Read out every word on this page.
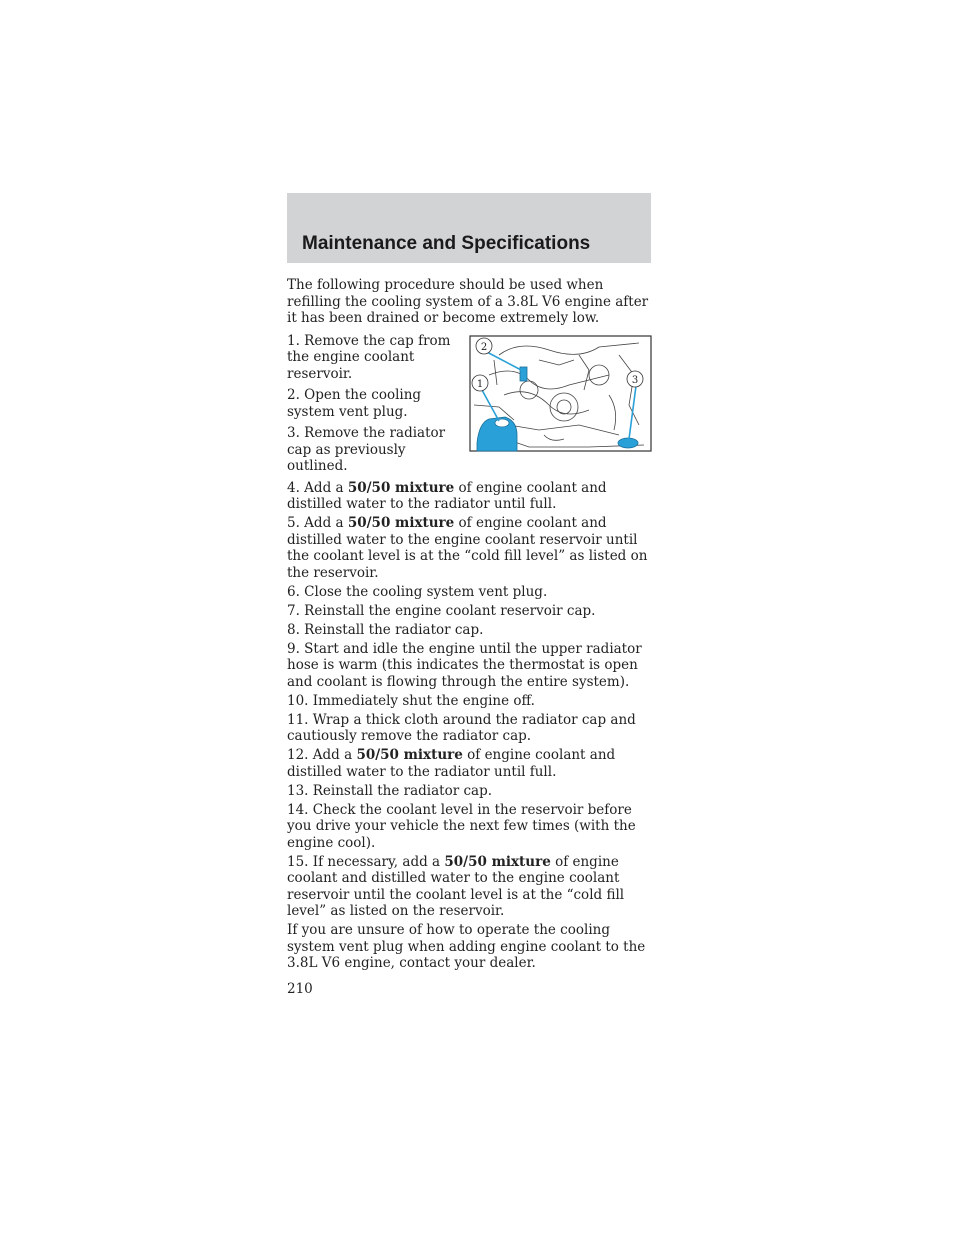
Maintenance and Specifications

The following procedure should be used when refilling the cooling system of a 3.8L V6 engine after it has been drained or become extremely low.

1. Remove the cap from the engine coolant reservoir.

2. Open the cooling system vent plug.

3. Remove the radiator cap as previously outlined.

4. Add a 50/50 mixture of engine coolant and distilled water to the radiator until full.

5. Add a 50/50 mixture of engine coolant and distilled water to the engine coolant reservoir until the coolant level is at the “cold fill level” as listed on the reservoir.

6. Close the cooling system vent plug.

7. Reinstall the engine coolant reservoir cap.

8. Reinstall the radiator cap.

9. Start and idle the engine until the upper radiator hose is warm (this indicates the thermostat is open and coolant is flowing through the entire system).

10. Immediately shut the engine off.

11. Wrap a thick cloth around the radiator cap and cautiously remove the radiator cap.

12. Add a 50/50 mixture of engine coolant and distilled water to the radiator until full.

13. Reinstall the radiator cap.

14. Check the coolant level in the reservoir before you drive your vehicle the next few times (with the engine cool).

15. If necessary, add a 50/50 mixture of engine coolant and distilled water to the engine coolant reservoir until the coolant level is at the “cold fill level” as listed on the reservoir.

If you are unsure of how to operate the cooling system vent plug when adding engine coolant to the 3.8L V6 engine, contact your dealer.

1
2
3
210
